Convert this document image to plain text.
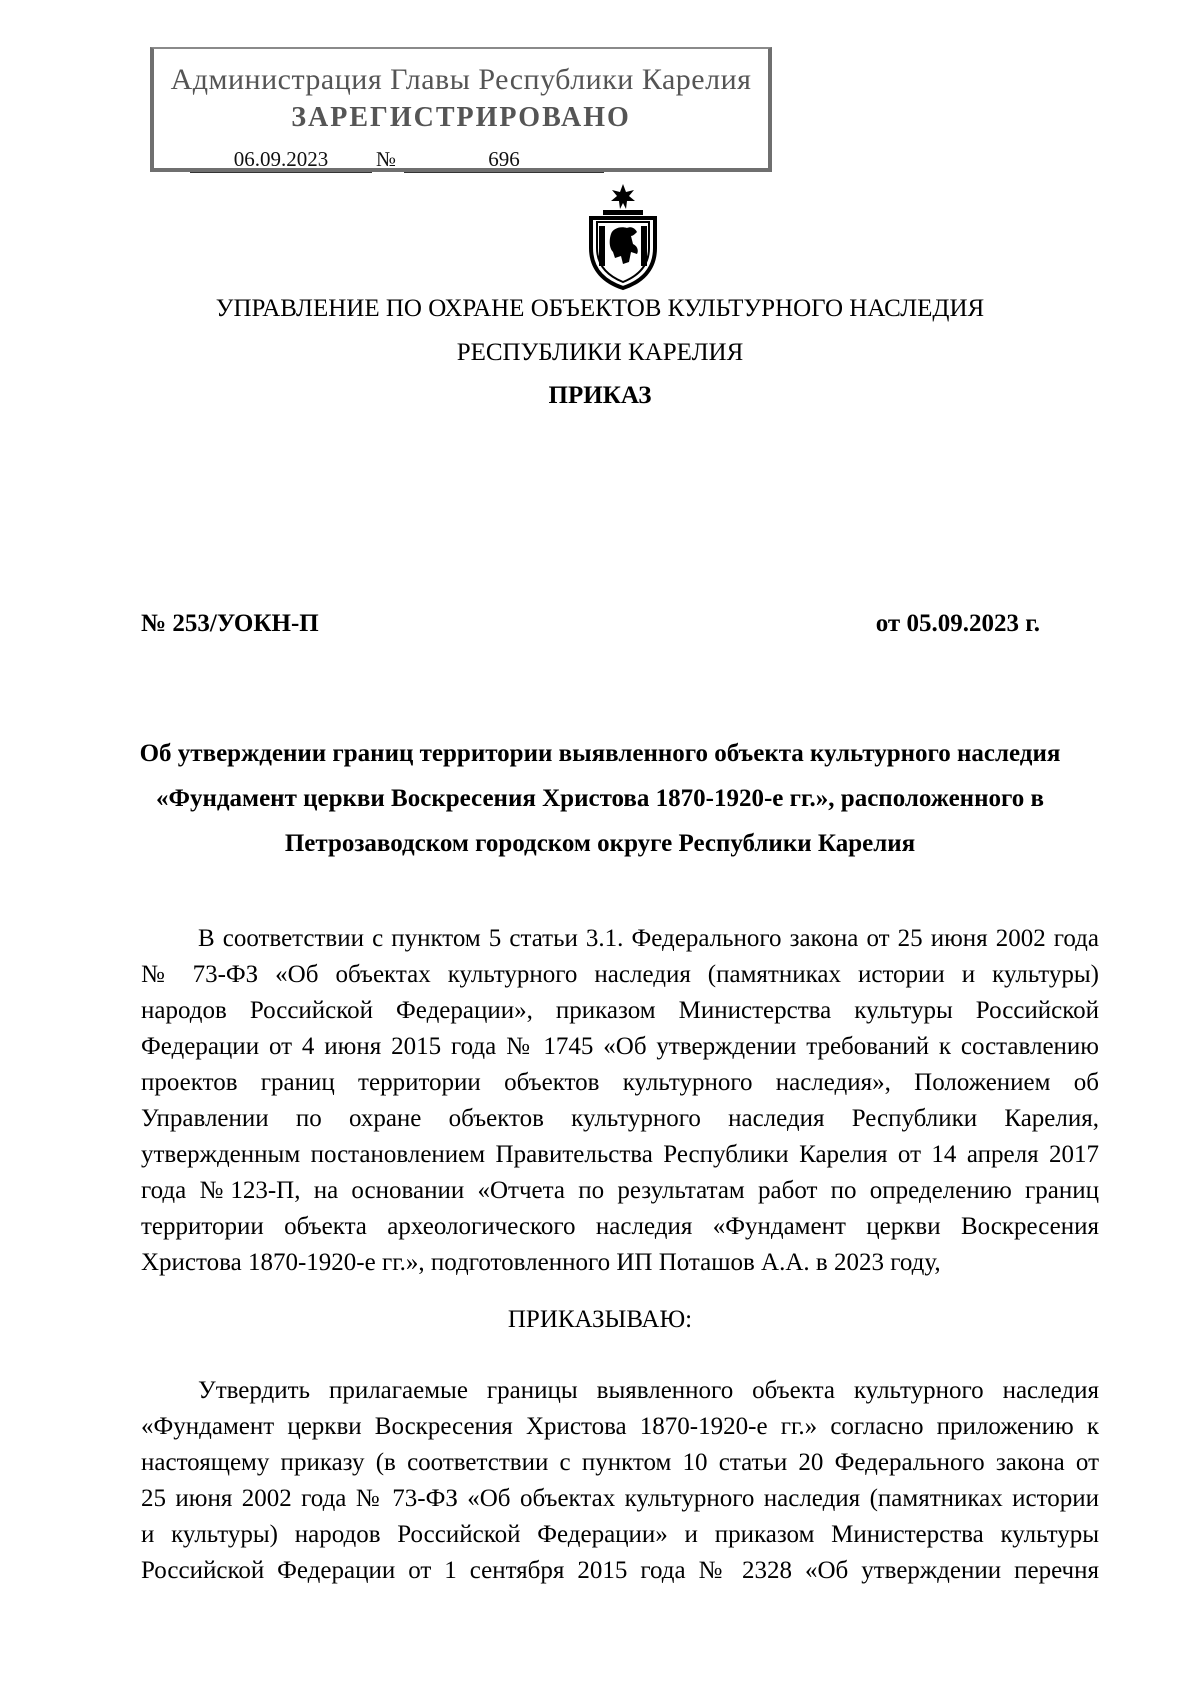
Администрация Главы Республики Карелия
ЗАРЕГИСТРИРОВАНО
06.09.2023	№	696
УПРАВЛЕНИЕ ПО ОХРАНЕ ОБЪЕКТОВ КУЛЬТУРНОГО НАСЛЕДИЯ
РЕСПУБЛИКИ КАРЕЛИЯ
ПРИКАЗ
№ 253/УОКН-П	от 05.09.2023 г.
Об утверждении границ территории выявленного объекта культурного наследия
«Фундамент церкви Воскресения Христова 1870-1920-е гг.», расположенного в
Петрозаводском городском округе Республики Карелия
В соответствии с пунктом 5 статьи 3.1. Федерального закона от 25 июня 2002 года
№ 73-ФЗ «Об объектах культурного наследия (памятниках истории и культуры)
народов Российской Федерации», приказом Министерства культуры Российской
Федерации от 4 июня 2015 года № 1745 «Об утверждении требований к составлению
проектов границ территории объектов культурного наследия», Положением об
Управлении по охране объектов культурного наследия Республики Карелия,
утвержденным постановлением Правительства Республики Карелия от 14 апреля 2017
года №123-П, на основании «Отчета по результатам работ по определению границ
территории объекта археологического наследия «Фундамент церкви Воскресения
Христова 1870-1920-е гг.», подготовленного ИП Поташов А.А. в 2023 году,
ПРИКАЗЫВАЮ:
Утвердить прилагаемые границы выявленного объекта культурного наследия
«Фундамент церкви Воскресения Христова 1870-1920-е гг.» согласно приложению к
настоящему приказу (в соответствии с пунктом 10 статьи 20 Федерального закона от
25 июня 2002 года № 73-ФЗ «Об объектах культурного наследия (памятниках истории
и культуры) народов Российской Федерации» и приказом Министерства культуры
Российской Федерации от 1 сентября 2015 года № 2328 «Об утверждении перечня
